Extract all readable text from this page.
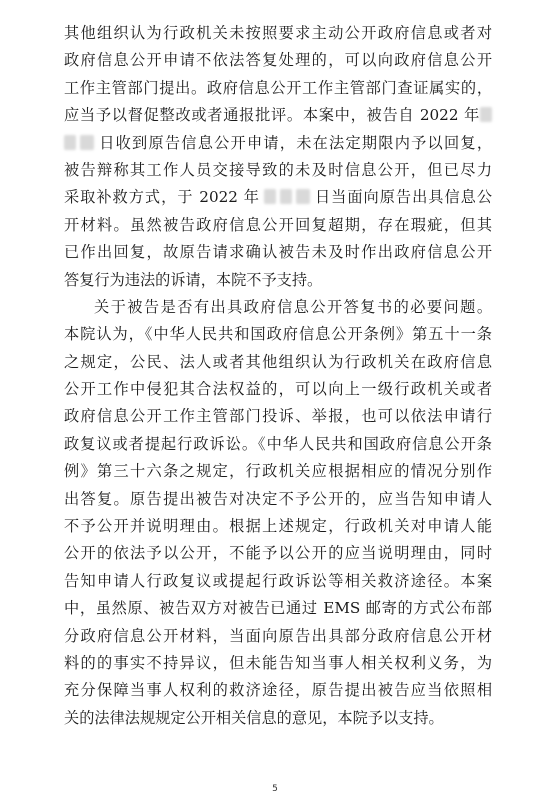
其他组织认为行政机关未按照要求主动公开政府信息或者对
政府信息公开申请不依法答复处理的，可以向政府信息公开
工作主管部门提出。政府信息公开工作主管部门查证属实的，
应当予以督促整改或者通报批评。本案中，被告自 2022 年
日收到原告信息公开申请，未在法定期限内予以回复，
被告辩称其工作人员交接导致的未及时信息公开，但已尽力
采取补救方式，于 2022 年	日当面向原告出具信息公
开材料。虽然被告政府信息公开回复超期，存在瑕疵，但其
已作出回复，故原告请求确认被告未及时作出政府信息公开
答复行为违法的诉请，本院不予支持。
关于被告是否有出具政府信息公开答复书的必要问题。
本院认为，《中华人民共和国政府信息公开条例》第五十一条
之规定，公民、法人或者其他组织认为行政机关在政府信息
公开工作中侵犯其合法权益的，可以向上一级行政机关或者
政府信息公开工作主管部门投诉、举报，也可以依法申请行
政复议或者提起行政诉讼。《中华人民共和国政府信息公开条
例》第三十六条之规定，行政机关应根据相应的情况分别作
出答复。原告提出被告对决定不予公开的，应当告知申请人
不予公开并说明理由。根据上述规定，行政机关对申请人能
公开的依法予以公开，不能予以公开的应当说明理由，同时
告知申请人行政复议或提起行政诉讼等相关救济途径。本案
中，虽然原、被告双方对被告已通过 EMS 邮寄的方式公布部
分政府信息公开材料，当面向原告出具部分政府信息公开材
料的的事实不持异议，但未能告知当事人相关权利义务，为
充分保障当事人权利的救济途径，原告提出被告应当依照相
关的法律法规规定公开相关信息的意见，本院予以支持。
5
